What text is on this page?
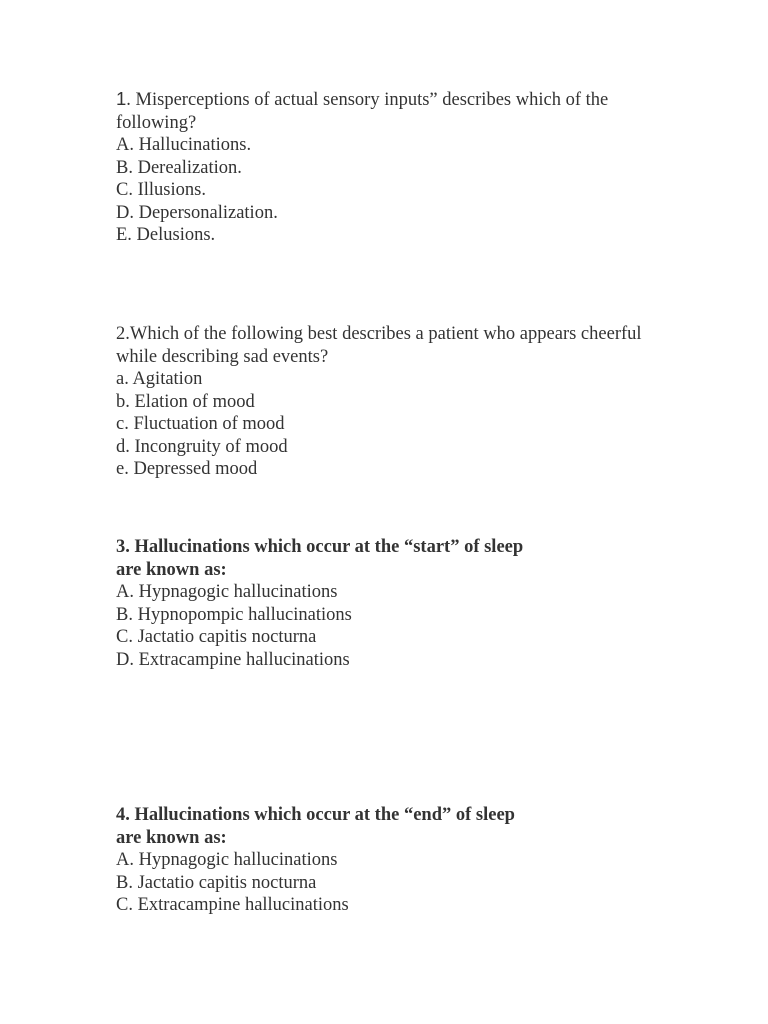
1. Misperceptions of actual sensory inputs” describes which of the following?

A. Hallucinations.

B. Derealization.

C. Illusions.

D. Depersonalization.

E. Delusions.

2.Which of the following best describes a patient who appears cheerful while describing sad events?

a. Agitation

b. Elation of mood

c. Fluctuation of mood

d. Incongruity of mood

e. Depressed mood

3. Hallucinations which occur at the “start” of sleep

are known as:

A. Hypnagogic hallucinations

B. Hypnopompic hallucinations

C. Jactatio capitis nocturna

D. Extracampine hallucinations

4. Hallucinations which occur at the “end” of sleep

are known as:

A. Hypnagogic hallucinations

B. Jactatio capitis nocturna

C. Extracampine hallucinations
